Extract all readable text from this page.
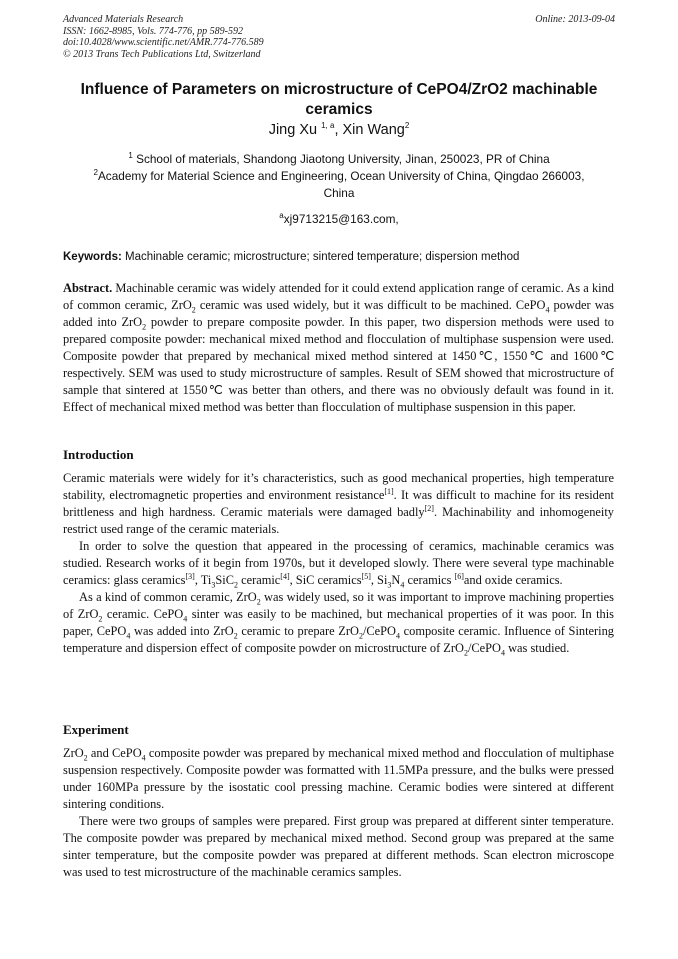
Advanced Materials Research	Online: 2013-09-04
ISSN: 1662-8985, Vols. 774-776, pp 589-592
doi:10.4028/www.scientific.net/AMR.774-776.589
© 2013 Trans Tech Publications Ltd, Switzerland
Influence of Parameters on microstructure of CePO4/ZrO2 machinable
ceramics
Jing Xu $^{1, a}$, Xin Wang$^2$
$^1$ School of materials, Shandong Jiaotong University, Jinan, 250023, PR of China
$^2$Academy for Material Science and Engineering, Ocean University of China, Qingdao 266003,
China
$^a$xj9713215@163.com,
Keywords: Machinable ceramic; microstructure; sintered temperature; dispersion method

Abstract. Machinable ceramic was widely attended for it could extend application range of ceramic. As a kind of common ceramic, ZrO$_2$ ceramic was used widely, but it was difficult to be machined. CePO$_4$ powder was added into ZrO$_2$ powder to prepare composite powder. In this paper, two dispersion methods were used to prepared composite powder: mechanical mixed method and flocculation of multiphase suspension were used. Composite powder that prepared by mechanical mixed method sintered at 1450℃, 1550℃ and 1600℃ respectively. SEM was used to study microstructure of samples. Result of SEM showed that microstructure of sample that sintered at 1550℃ was better than others, and there was no obviously default was found in it. Effect of mechanical mixed method was better than flocculation of multiphase suspension in this paper.

Introduction

Ceramic materials were widely for it’s characteristics, such as good mechanical properties, high temperature stability, electromagnetic properties and environment resistance[1]. It was difficult to machine for its resident brittleness and high hardness. Ceramic materials were damaged badly[2]. Machinability and inhomogeneity restrict used range of the ceramic materials.

In order to solve the question that appeared in the processing of ceramics, machinable ceramics was studied. Research works of it begin from 1970s, but it developed slowly. There were several type machinable ceramics: glass ceramics[3], $Ti_3SiC_2$ ceramic[4], SiC ceramics[5], $Si_3N_4$ ceramics [6]and oxide ceramics.

As a kind of common ceramic, ZrO$_2$ was widely used, so it was important to improve machining properties of ZrO$_2$ ceramic. CePO$_4$ sinter was easily to be machined, but mechanical properties of it was poor. In this paper, CePO$_4$ was added into ZrO$_2$ ceramic to prepare ZrO$_2$/CePO$_4$ composite ceramic. Influence of Sintering temperature and dispersion effect of composite powder on microstructure of ZrO$_2$/CePO$_4$ was studied.

Experiment

ZrO$_2$ and CePO$_4$ composite powder was prepared by mechanical mixed method and flocculation of multiphase suspension respectively. Composite powder was formatted with 11.5MPa pressure, and the bulks were pressed under 160MPa pressure by the isostatic cool pressing machine. Ceramic bodies were sintered at different sintering conditions.

There were two groups of samples were prepared. First group was prepared at different sinter temperature. The composite powder was prepared by mechanical mixed method. Second group was prepared at the same sinter temperature, but the composite powder was prepared at different methods. Scan electron microscope was used to test microstructure of the machinable ceramics samples.
